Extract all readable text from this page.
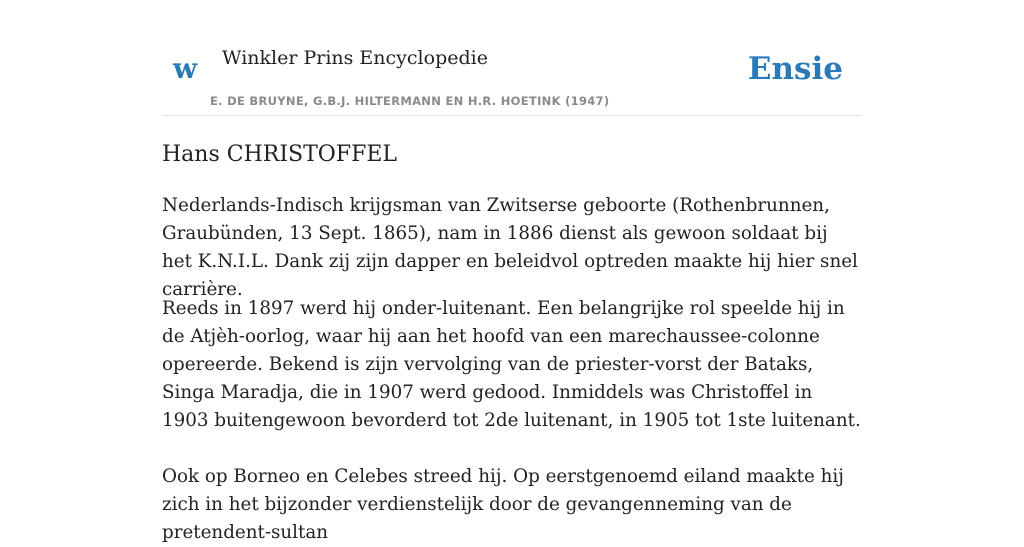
w Winkler Prins Encyclopedie
E. DE BRUYNE, G.B.J. HILTERMANN EN H.R. HOETINK (1947)
Ensie
Hans CHRISTOFFEL

Nederlands-Indisch krijgsman van Zwitserse geboorte (Rothenbrunnen, Graubünden, 13 Sept. 1865), nam in 1886 dienst als gewoon soldaat bij het K.N.I.L. Dank zij zijn dapper en beleidvol optreden maakte hij hier snel carrière.

Reeds in 1897 werd hij onder-luitenant. Een belangrijke rol speelde hij in de Atjèh-oorlog, waar hij aan het hoofd van een marechaussee-colonne opereerde. Bekend is zijn vervolging van de priester-vorst der Bataks, Singa Maradja, die in 1907 werd gedood. Inmiddels was Christoffel in 1903 buitengewoon bevorderd tot 2de luitenant, in 1905 tot 1ste luitenant.

Ook op Borneo en Celebes streed hij. Op eerstgenoemd eiland maakte hij zich in het bijzonder verdienstelijk door de gevangenneming van de pretendent-sultan
